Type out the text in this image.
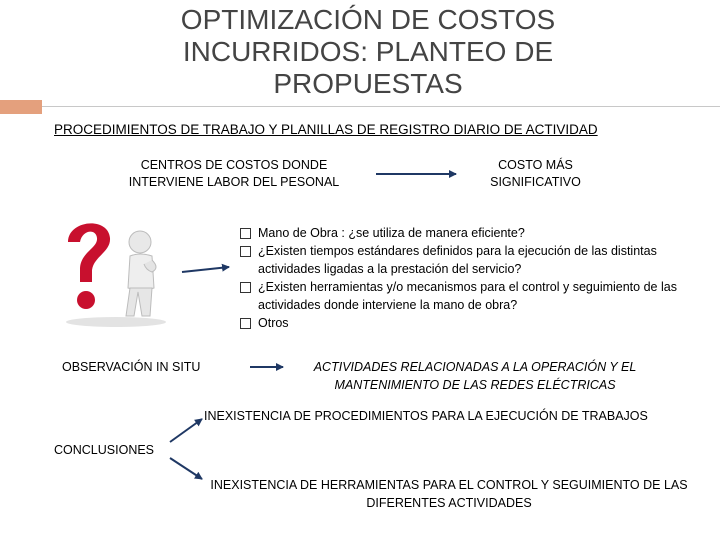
OPTIMIZACIÓN DE COSTOS INCURRIDOS: PLANTEO DE PROPUESTAS
PROCEDIMIENTOS DE TRABAJO Y PLANILLAS DE REGISTRO DIARIO DE ACTIVIDAD
CENTROS DE COSTOS DONDE INTERVIENE LABOR DEL PESONAL
COSTO MÁS SIGNIFICATIVO
Mano de Obra : ¿se utiliza de manera eficiente?
¿Existen tiempos estándares definidos para la ejecución de las distintas actividades ligadas a la prestación del servicio?
¿Existen herramientas y/o mecanismos para el control y seguimiento de las actividades donde interviene la mano de obra?
Otros
OBSERVACIÓN IN SITU	ACTIVIDADES RELACIONADAS A LA OPERACIÓN Y EL MANTENIMIENTO DE LAS REDES ELÉCTRICAS
INEXISTENCIA DE PROCEDIMIENTOS PARA LA EJECUCIÓN DE TRABAJOS
CONCLUSIONES
INEXISTENCIA DE HERRAMIENTAS PARA EL CONTROL Y SEGUIMIENTO DE LAS DIFERENTES ACTIVIDADES
